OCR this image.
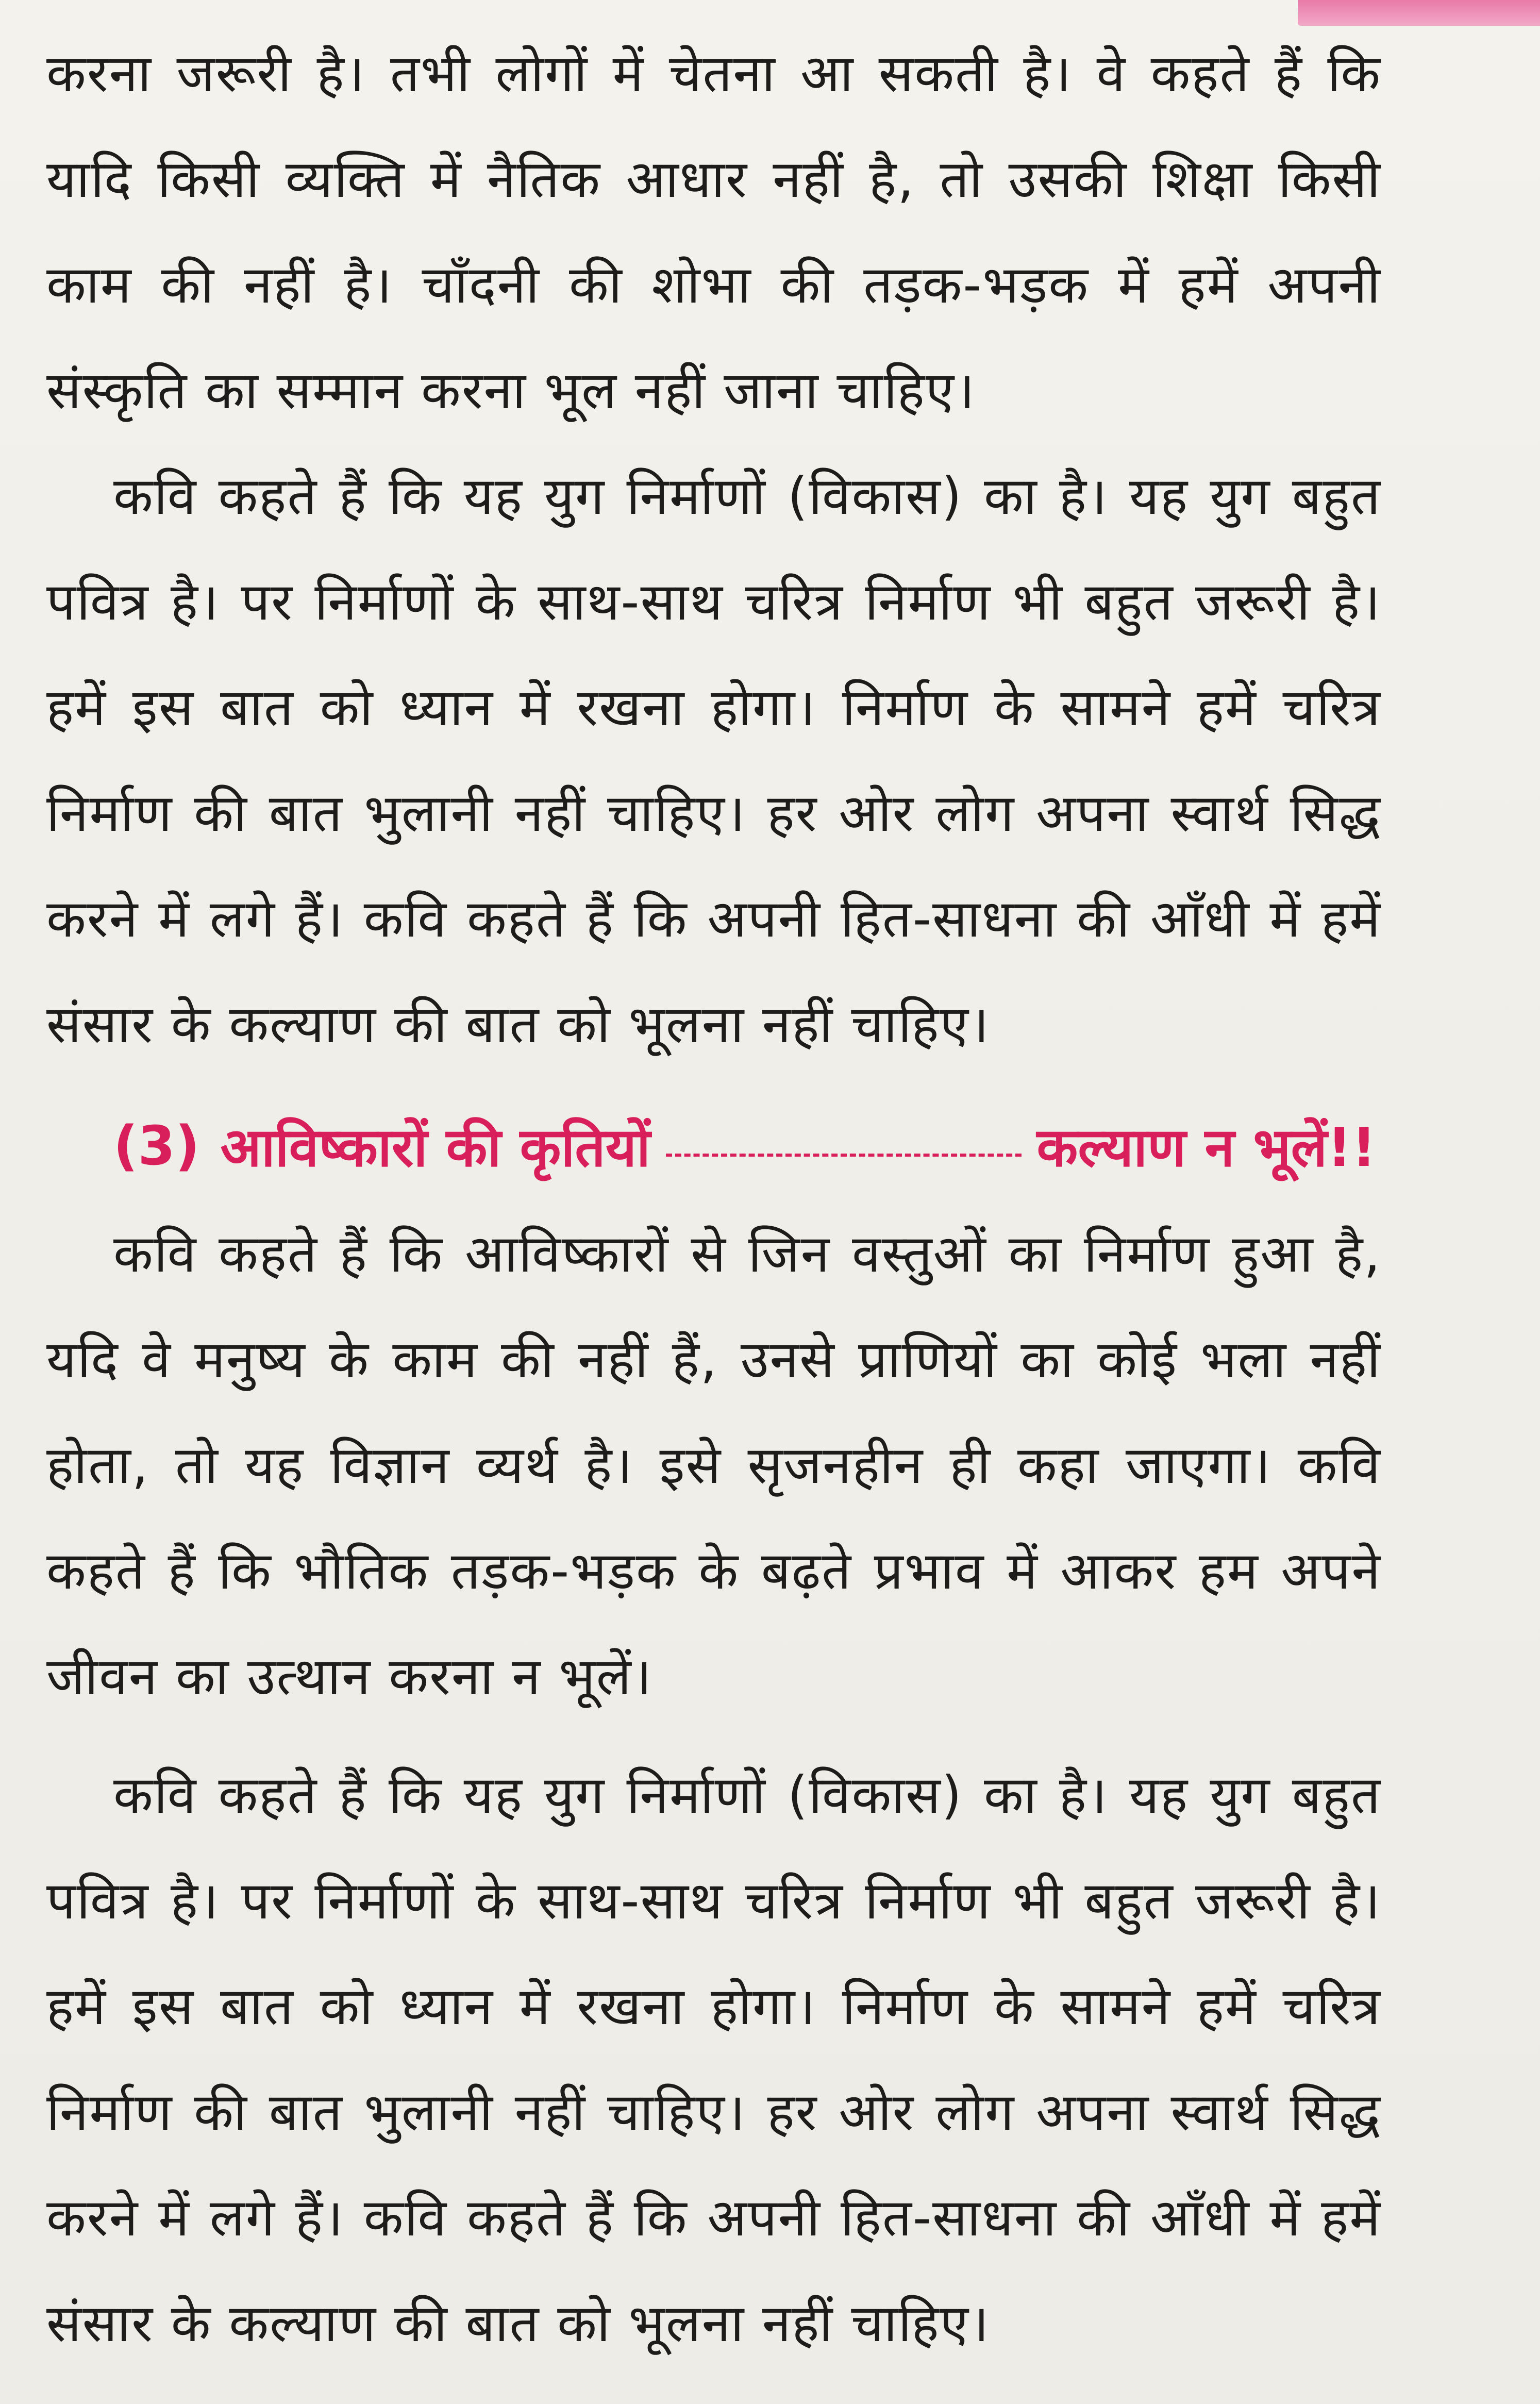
करना जरूरी है। तभी लोगों में चेतना आ सकती है। वे कहते हैं कि यादि किसी व्यक्ति में नैतिक आधार नहीं है, तो उसकी शिक्षा किसी काम की नहीं है। चाँदनी की शोभा की तड़क-भड़क में हमें अपनी संस्कृति का सम्मान करना भूल नहीं जाना चाहिए।

कवि कहते हैं कि यह युग निर्माणों (विकास) का है। यह युग बहुत पवित्र है। पर निर्माणों के साथ-साथ चरित्र निर्माण भी बहुत जरूरी है। हमें इस बात को ध्यान में रखना होगा। निर्माण के सामने हमें चरित्र निर्माण की बात भुलानी नहीं चाहिए। हर ओर लोग अपना स्वार्थ सिद्ध करने में लगे हैं। कवि कहते हैं कि अपनी हित-साधना की आँधी में हमें संसार के कल्याण की बात को भूलना नहीं चाहिए।

(3) आविष्कारों की कृतियों	कल्याण न भूलें!!

कवि कहते हैं कि आविष्कारों से जिन वस्तुओं का निर्माण हुआ है, यदि वे मनुष्य के काम की नहीं हैं, उनसे प्राणियों का कोई भला नहीं होता, तो यह विज्ञान व्यर्थ है। इसे सृजनहीन ही कहा जाएगा। कवि कहते हैं कि भौतिक तड़क-भड़क के बढ़ते प्रभाव में आकर हम अपने जीवन का उत्थान करना न भूलें।

कवि कहते हैं कि यह युग निर्माणों (विकास) का है। यह युग बहुत पवित्र है। पर निर्माणों के साथ-साथ चरित्र निर्माण भी बहुत जरूरी है। हमें इस बात को ध्यान में रखना होगा। निर्माण के सामने हमें चरित्र निर्माण की बात भुलानी नहीं चाहिए। हर ओर लोग अपना स्वार्थ सिद्ध करने में लगे हैं। कवि कहते हैं कि अपनी हित-साधना की आँधी में हमें संसार के कल्याण की बात को भूलना नहीं चाहिए।
